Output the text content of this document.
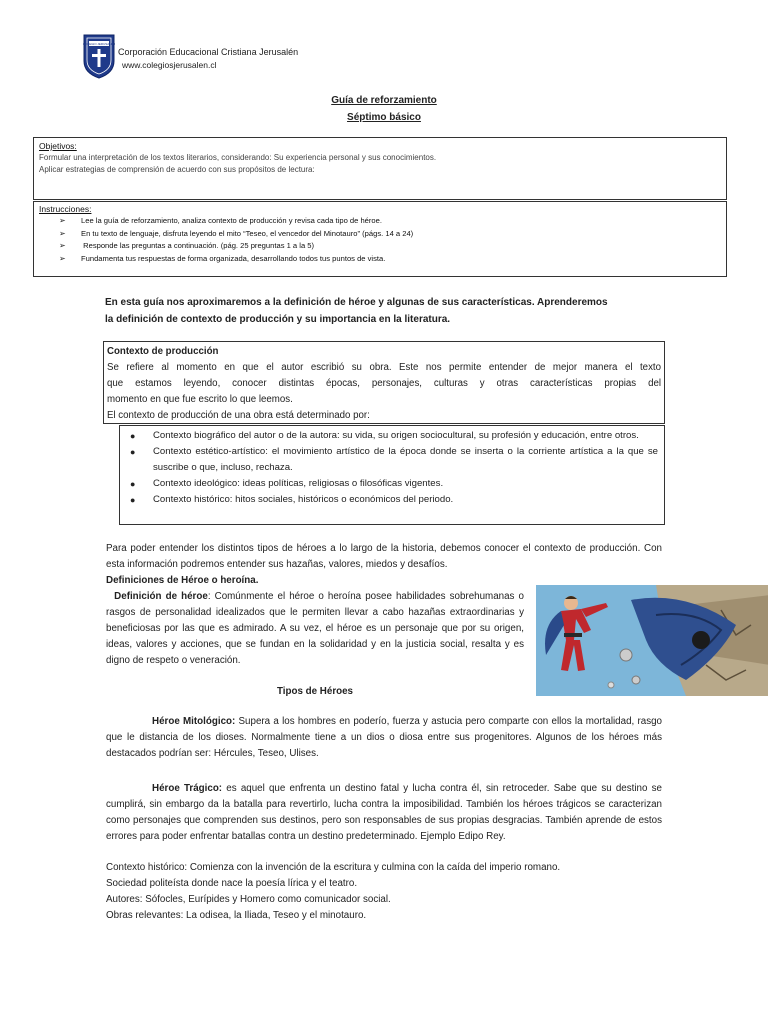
COLEGIO JERUSALÉN
Corporación Educacional Cristiana Jerusalén
www.colegiosjerusalen.cl
Guía de reforzamiento
Séptimo básico
Objetivos:
Formular una interpretación de los textos literarios, considerando: Su experiencia personal y sus conocimientos.
Aplicar estrategias de comprensión de acuerdo con sus propósitos de lectura:
Instrucciones:
➢ Lee la guía de reforzamiento, analiza contexto de producción y revisa cada tipo de héroe.
➢ En tu texto de lenguaje, disfruta leyendo el mito “Teseo, el vencedor del Minotauro” (págs. 14 a 24)
➢ Responde las preguntas a continuación. (pág. 25 preguntas 1 a la 5)
➢ Fundamenta tus respuestas de forma organizada, desarrollando todos tus puntos de vista.
En esta guía nos aproximaremos a la definición de héroe y algunas de sus características. Aprenderemos
la definición de contexto de producción y su importancia en la literatura.
Contexto de producción
Se refiere al momento en que el autor escribió su obra. Este nos permite entender de mejor manera el texto
que estamos leyendo, conocer distintas épocas, personajes, culturas y otras características propias del
momento en que fue escrito lo que leemos.
El contexto de producción de una obra está determinado por:
● Contexto biográfico del autor o de la autora: su vida, su origen sociocultural, su profesión y educación, entre otros.
● Contexto estético-artístico: el movimiento artístico de la época donde se inserta o la corriente artística a la que se suscribe o que, incluso, rechaza.
● Contexto ideológico: ideas políticas, religiosas o filosóficas vigentes.
● Contexto histórico: hitos sociales, históricos o económicos del periodo.
Para poder entender los distintos tipos de héroes a lo largo de la historia, debemos conocer el contexto de producción. Con esta información podremos entender sus hazañas, valores, miedos y desafíos.
Definiciones de Héroe o heroína.
Definición de héroe: Comúnmente el héroe o heroína posee habilidades sobrehumanas o rasgos de personalidad idealizados que le permiten llevar a cabo hazañas extraordinarias y beneficiosas por las que es admirado. A su vez, el héroe es un personaje que por su origen, ideas, valores y acciones, que se fundan en la solidaridad y en la justicia social, resalta y es digno de respeto o veneración.
Tipos de Héroes
Héroe Mitológico: Supera a los hombres en poderío, fuerza y astucia pero comparte con ellos la mortalidad, rasgo que le distancia de los dioses. Normalmente tiene a un dios o diosa entre sus progenitores. Algunos de los héroes más destacados podrían ser: Hércules, Teseo, Ulises.
Héroe Trágico: es aquel que enfrenta un destino fatal y lucha contra él, sin retroceder. Sabe que su destino se cumplirá, sin embargo da la batalla para revertirlo, lucha contra la imposibilidad. También los héroes trágicos se caracterizan como personajes que comprenden sus destinos, pero son responsables de sus propias desgracias. También aprende de estos errores para poder enfrentar batallas contra un destino predeterminado. Ejemplo Edipo Rey.
Contexto histórico: Comienza con la invención de la escritura y culmina con la caída del imperio romano.
Sociedad politeísta donde nace la poesía lírica y el teatro.
Autores: Sófocles, Eurípides y Homero como comunicador social.
Obras relevantes: La odisea, la Iliada, Teseo y el minotauro.
